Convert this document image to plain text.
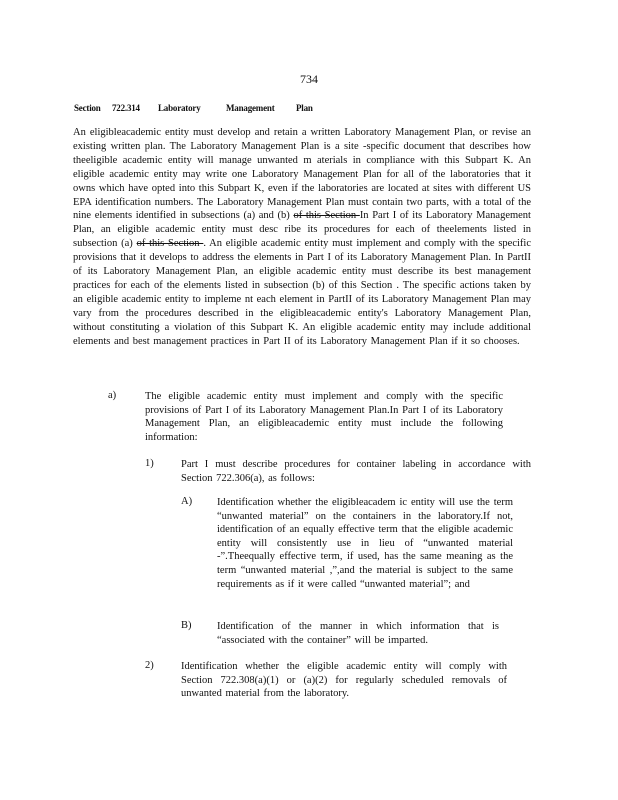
734
Section	722.314	Laboratory	Management	Plan
An eligibleacademic entity must develop and retain a written Laboratory Management Plan, or revise an existing written plan. The Laboratory Management Plan is a site -specific document that describes how theeligible academic entity will manage unwanted m aterials in compliance with this Subpart K. An eligible academic entity may write one Laboratory Management Plan for all of the laboratories that it owns which have opted into this Subpart K, even if the laboratories are located at sites with different US EPA identification numbers. The Laboratory Management Plan must contain two parts, with a total of the nine elements identified in subsections (a) and (b) of this Section In Part I of its Laboratory Management Plan, an eligible academic entity must desc ribe its procedures for each of theelements listed in subsection (a) of this Section . An eligible academic entity must implement and comply with the specific provisions that it develops to address the elements in Part I of its Laboratory Management Plan. In PartII of its Laboratory Management Plan, an eligible academic entity must describe its best management practices for each of the elements listed in subsection (b) of this Section . The specific actions taken by an eligible academic entity to impleme nt each element in PartII of its Laboratory Management Plan may vary from the procedures described in the eligibleacademic entity's Laboratory Management Plan, without constituting a violation of this Subpart K. An eligible academic entity may include additional elements and best management practices in Part II of its Laboratory Management Plan if it so chooses.
a)	The eligible academic entity must implement and comply with the specific provisions of Part I of its Laboratory Management Plan.In Part I of its Laboratory Management Plan, an eligibleacademic entity must include the following information:
1)	Part I must describe procedures for container labeling in accordance with Section 722.306(a), as follows:
A) Identification whether the eligibleacadem ic entity will use the term “unwanted material” on the containers in the laboratory.If not, identification of an equally effective term that the eligible academic entity will consistently use in lieu of “unwanted material -”.Theequally effective term, if used, has the same meaning as the term “unwanted material ,”,and the material is subject to the same requirements as if it were called “unwanted material”; and
B) Identification of the manner in which information that is “associated with the container” will be imparted.
2)	Identification whether the eligible academic entity will comply with Section 722.308(a)(1) or (a)(2) for regularly scheduled removals of unwanted material from the laboratory.
